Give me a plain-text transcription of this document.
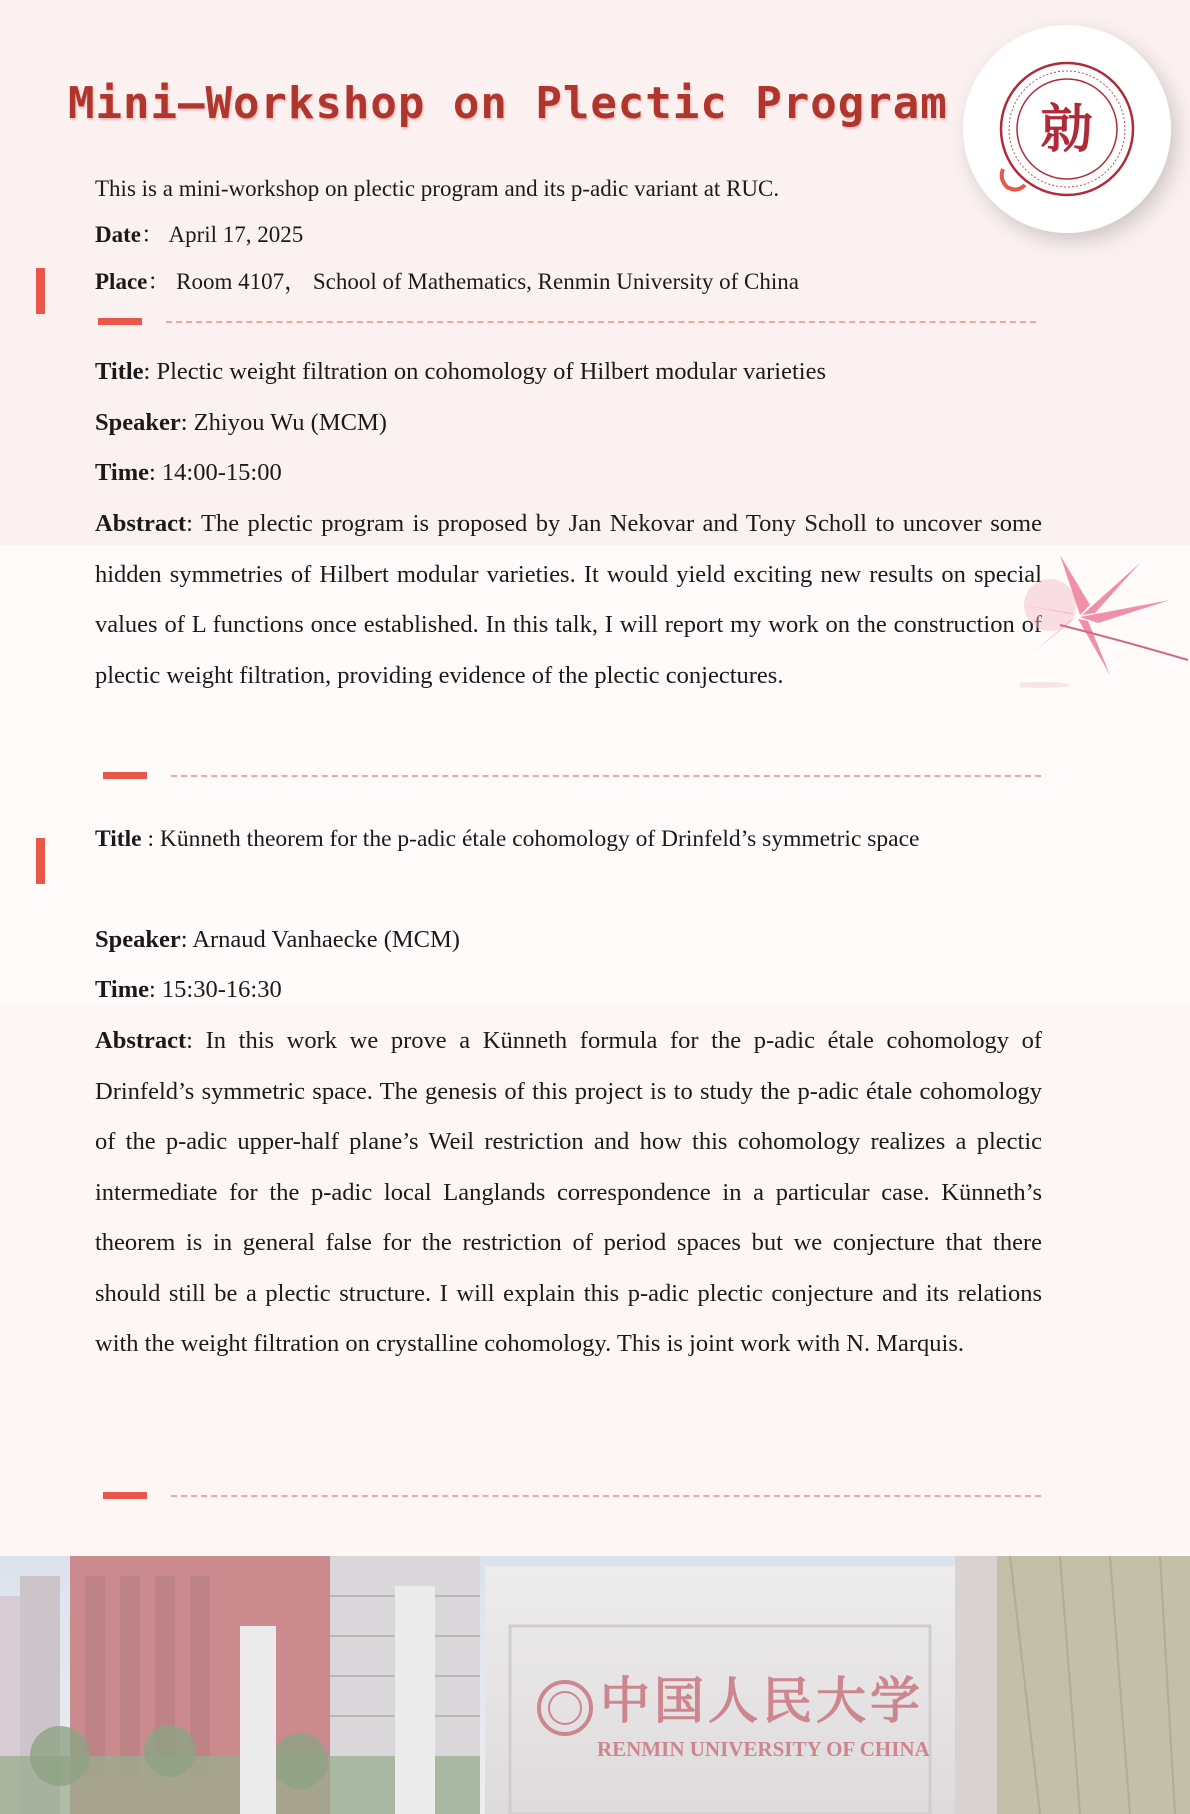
Mini—Workshop on Plectic Program 勍
This is a mini-workshop on plectic program and its p-adic variant at RUC.
Date： April 17, 2025
Place： Room 4107， School of Mathematics, Renmin University of China
Title: Plectic weight filtration on cohomology of Hilbert modular varieties
Speaker: Zhiyou Wu (MCM)
Time: 14:00-15:00
Abstract: The plectic program is proposed by Jan Nekovar and Tony Scholl to uncover some hidden symmetries of Hilbert modular varieties. It would yield exciting new results on special values of L functions once established. In this talk, I will report my work on the construction of plectic weight filtration, providing evidence of the plectic conjectures.
Title : Künneth theorem for the p-adic étale cohomology of Drinfeld’s symmetric space
Speaker: Arnaud Vanhaecke (MCM)
Time: 15:30-16:30
Abstract: In this work we prove a Künneth formula for the p-adic étale cohomology of Drinfeld’s symmetric space. The genesis of this project is to study the p-adic étale cohomology of the p-adic upper-half plane’s Weil restriction and how this cohomology realizes a plectic intermediate for the p-adic local Langlands correspondence in a particular case. Künneth’s theorem is in general false for the restriction of period spaces but we conjecture that there should still be a plectic structure. I will explain this p-adic plectic conjecture and its relations with the weight filtration on crystalline cohomology. This is joint work with N. Marquis.
中国人民大学
RENMIN UNIVERSITY OF CHINA
